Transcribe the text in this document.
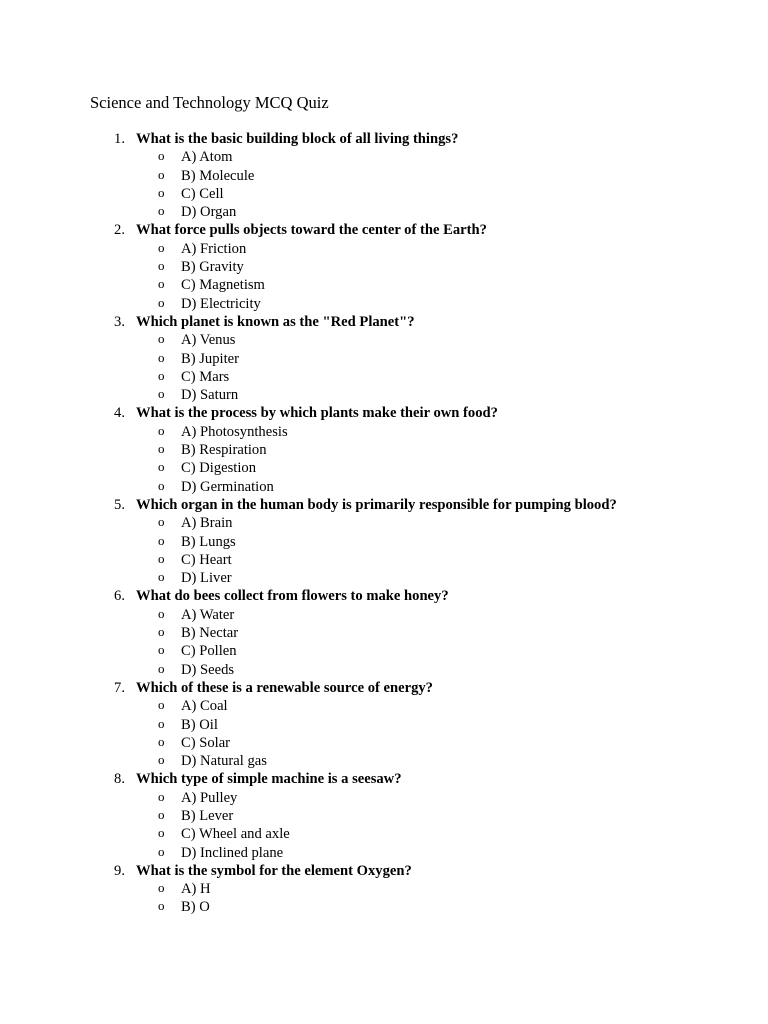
Science and Technology MCQ Quiz
1. What is the basic building block of all living things?
o A) Atom
o B) Molecule
o C) Cell
o D) Organ
2. What force pulls objects toward the center of the Earth?
o A) Friction
o B) Gravity
o C) Magnetism
o D) Electricity
3. Which planet is known as the "Red Planet"?
o A) Venus
o B) Jupiter
o C) Mars
o D) Saturn
4. What is the process by which plants make their own food?
o A) Photosynthesis
o B) Respiration
o C) Digestion
o D) Germination
5. Which organ in the human body is primarily responsible for pumping blood?
o A) Brain
o B) Lungs
o C) Heart
o D) Liver
6. What do bees collect from flowers to make honey?
o A) Water
o B) Nectar
o C) Pollen
o D) Seeds
7. Which of these is a renewable source of energy?
o A) Coal
o B) Oil
o C) Solar
o D) Natural gas
8. Which type of simple machine is a seesaw?
o A) Pulley
o B) Lever
o C) Wheel and axle
o D) Inclined plane
9. What is the symbol for the element Oxygen?
o A) H
o B) O
